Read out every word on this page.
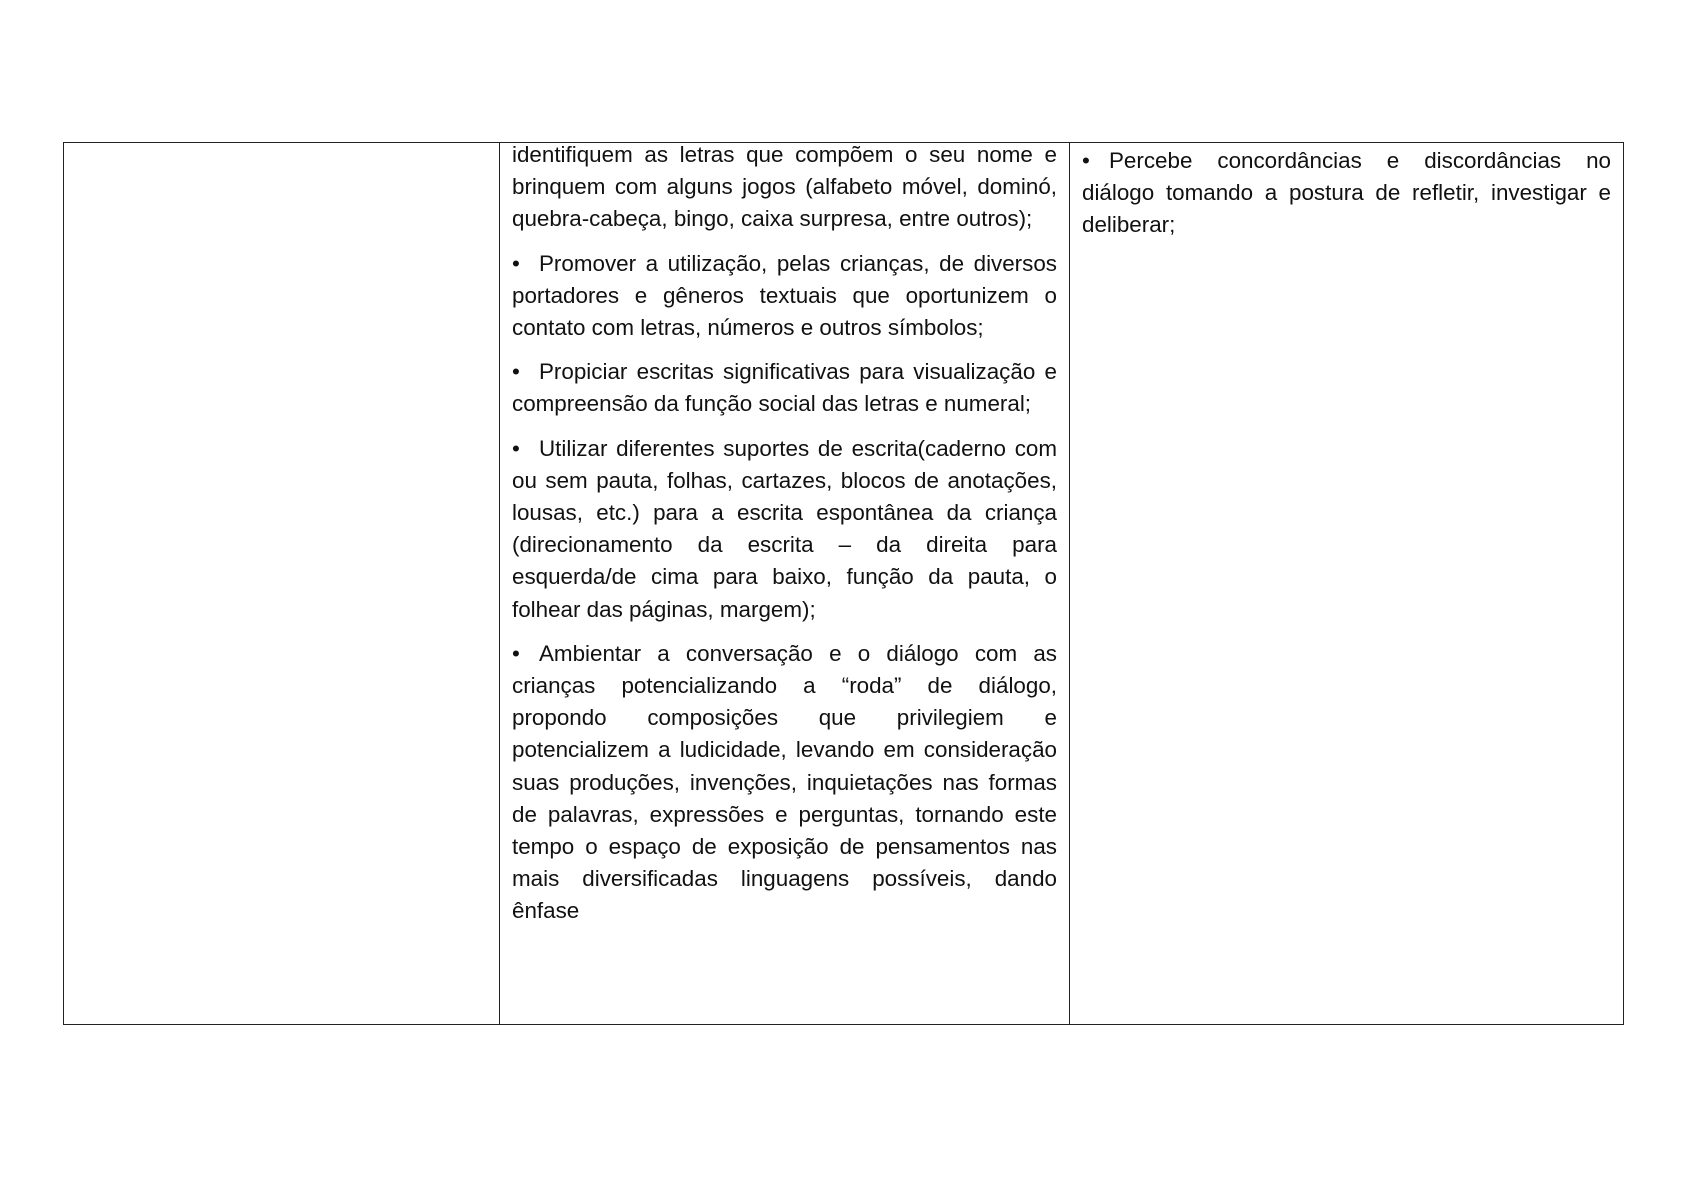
identifiquem as letras que compõem o seu nome e brinquem com alguns jogos (alfabeto móvel, dominó, quebra-cabeça, bingo, caixa surpresa, entre outros);

• Promover a utilização, pelas crianças, de diversos portadores e gêneros textuais que oportunizem o contato com letras, números e outros símbolos;

• Propiciar escritas significativas para visualização e compreensão da função social das letras e numeral;

• Utilizar diferentes suportes de escrita(caderno com ou sem pauta, folhas, cartazes, blocos de anotações, lousas, etc.) para a escrita espontânea da criança (direcionamento da escrita – da direita para esquerda/de cima para baixo, função da pauta, o folhear das páginas, margem);

• Ambientar a conversação e o diálogo com as crianças potencializando a “roda” de diálogo, propondo composições que privilegiem e potencializem a ludicidade, levando em consideração suas produções, invenções, inquietações nas formas de palavras, expressões e perguntas, tornando este tempo o espaço de exposição de pensamentos nas mais diversificadas linguagens possíveis, dando ênfase

• Percebe concordâncias e discordâncias no diálogo tomando a postura de refletir, investigar e deliberar;
